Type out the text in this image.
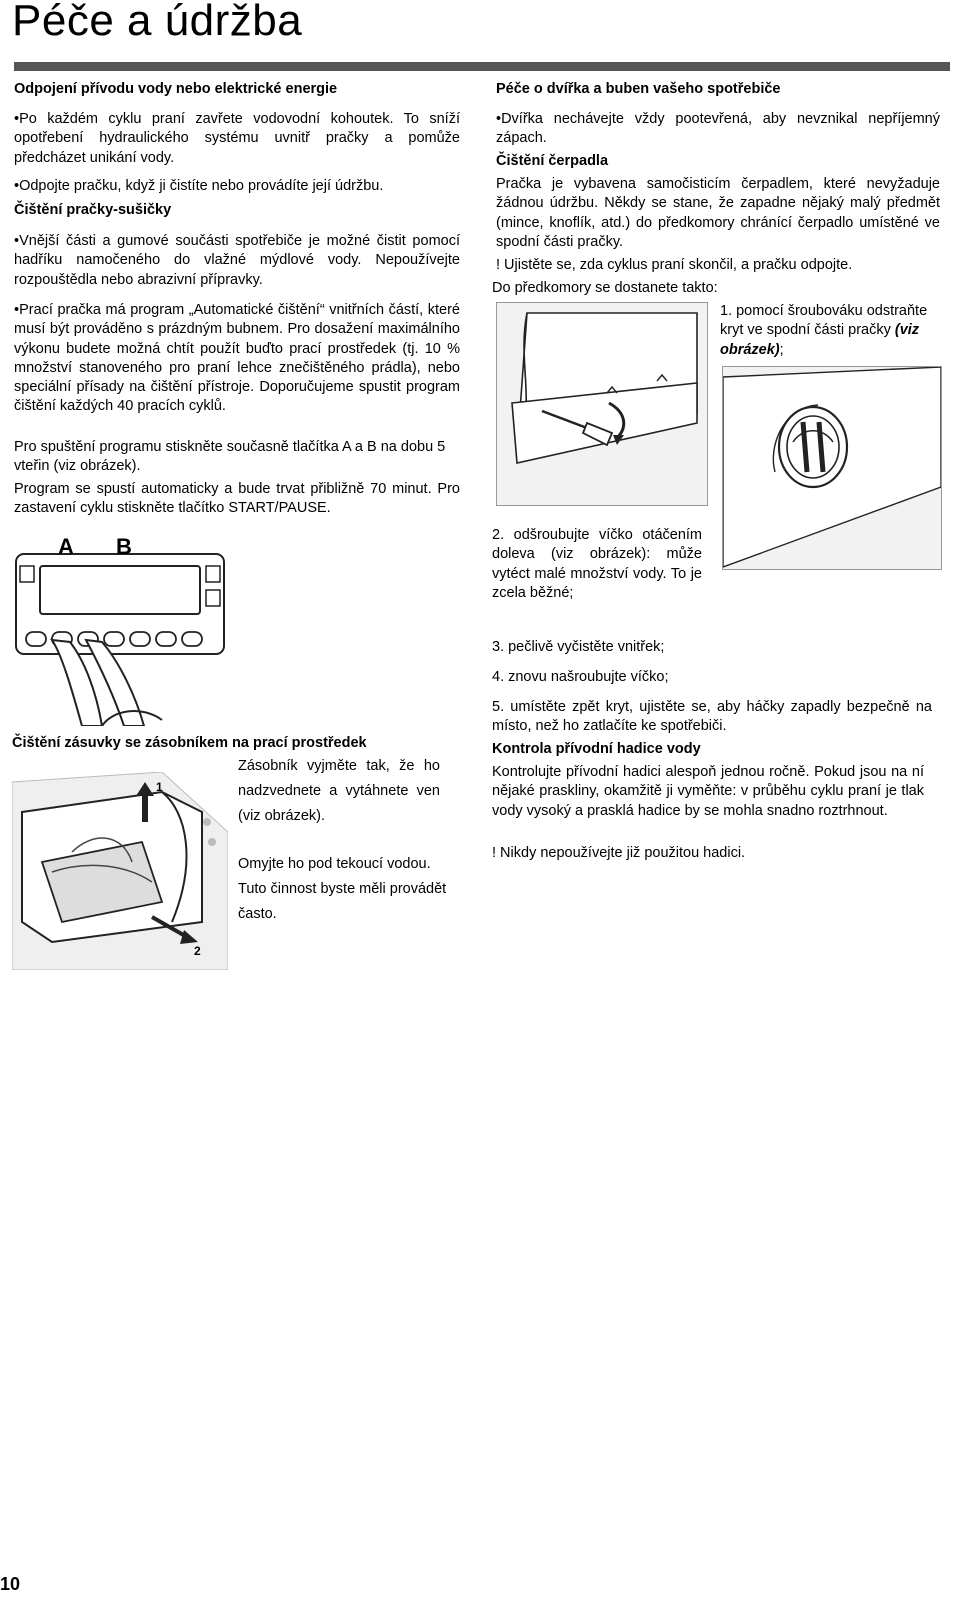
Péče a údržba
Odpojení přívodu vody nebo elektrické energie
•Po každém cyklu praní zavřete vodovodní kohoutek. To sníží opotřebení hydraulického systému uvnitř pračky a pomůže předcházet unikání vody.
•Odpojte pračku, když ji čistíte nebo provádíte její údržbu.
Čištění pračky-sušičky
•Vnější části a gumové součásti spotřebiče je možné čistit pomocí hadříku namočeného do vlažné mýdlové vody. Nepoužívejte rozpouštědla nebo abrazivní přípravky.
•Prací pračka má program „Automatické čištění“ vnitřních částí, které musí být prováděno s prázdným bubnem. Pro dosažení maximálního výkonu budete možná chtít použít buďto prací prostředek (tj. 10 % množství stanoveného pro praní lehce znečištěného prádla), nebo speciální přísady na čištění přístroje. Doporučujeme spustit program čištění každých 40 pracích cyklů.
Pro spuštění programu stiskněte současně tlačítka A a B na dobu 5 vteřin (viz obrázek).
Program se spustí automaticky a bude trvat přibližně 70 minut. Pro zastavení cyklu stiskněte tlačítko START/PAUSE.
A B
Čištění zásuvky se zásobníkem na prací prostředek
1
2
Zásobník vyjměte tak, že ho nadzvednete a vytáhnete ven (viz obrázek).
Omyjte ho pod tekoucí vodou. Tuto činnost byste měli provádět často.
Péče o dvířka a buben vašeho spotřebiče
•Dvířka nechávejte vždy pootevřená, aby nevznikal nepříjemný zápach.
Čištění čerpadla
Pračka je vybavena samočisticím čerpadlem, které nevyžaduje žádnou údržbu. Někdy se stane, že zapadne nějaký malý předmět (mince, knoflík, atd.) do předkomory chránící čerpadlo umístěné ve spodní části pračky.
! Ujistěte se, zda cyklus praní skončil, a pračku odpojte.
Do předkomory se dostanete takto:
1. pomocí šroubováku odstraňte kryt ve spodní části pračky (viz obrázek);
2. odšroubujte víčko otáčením doleva (viz obrázek): může vytéct malé množství vody. To je zcela běžné;
3. pečlivě vyčistěte vnitřek;
4. znovu našroubujte víčko;
5. umístěte zpět kryt, ujistěte se, aby háčky zapadly bezpečně na místo, než ho zatlačíte ke spotřebiči.
Kontrola přívodní hadice vody
Kontrolujte přívodní hadici alespoň jednou ročně. Pokud jsou na ní nějaké praskliny, okamžitě ji vyměňte: v průběhu cyklu praní je tlak vody vysoký a prasklá hadice by se mohla snadno roztrhnout.
! Nikdy nepoužívejte již použitou hadici.
10
